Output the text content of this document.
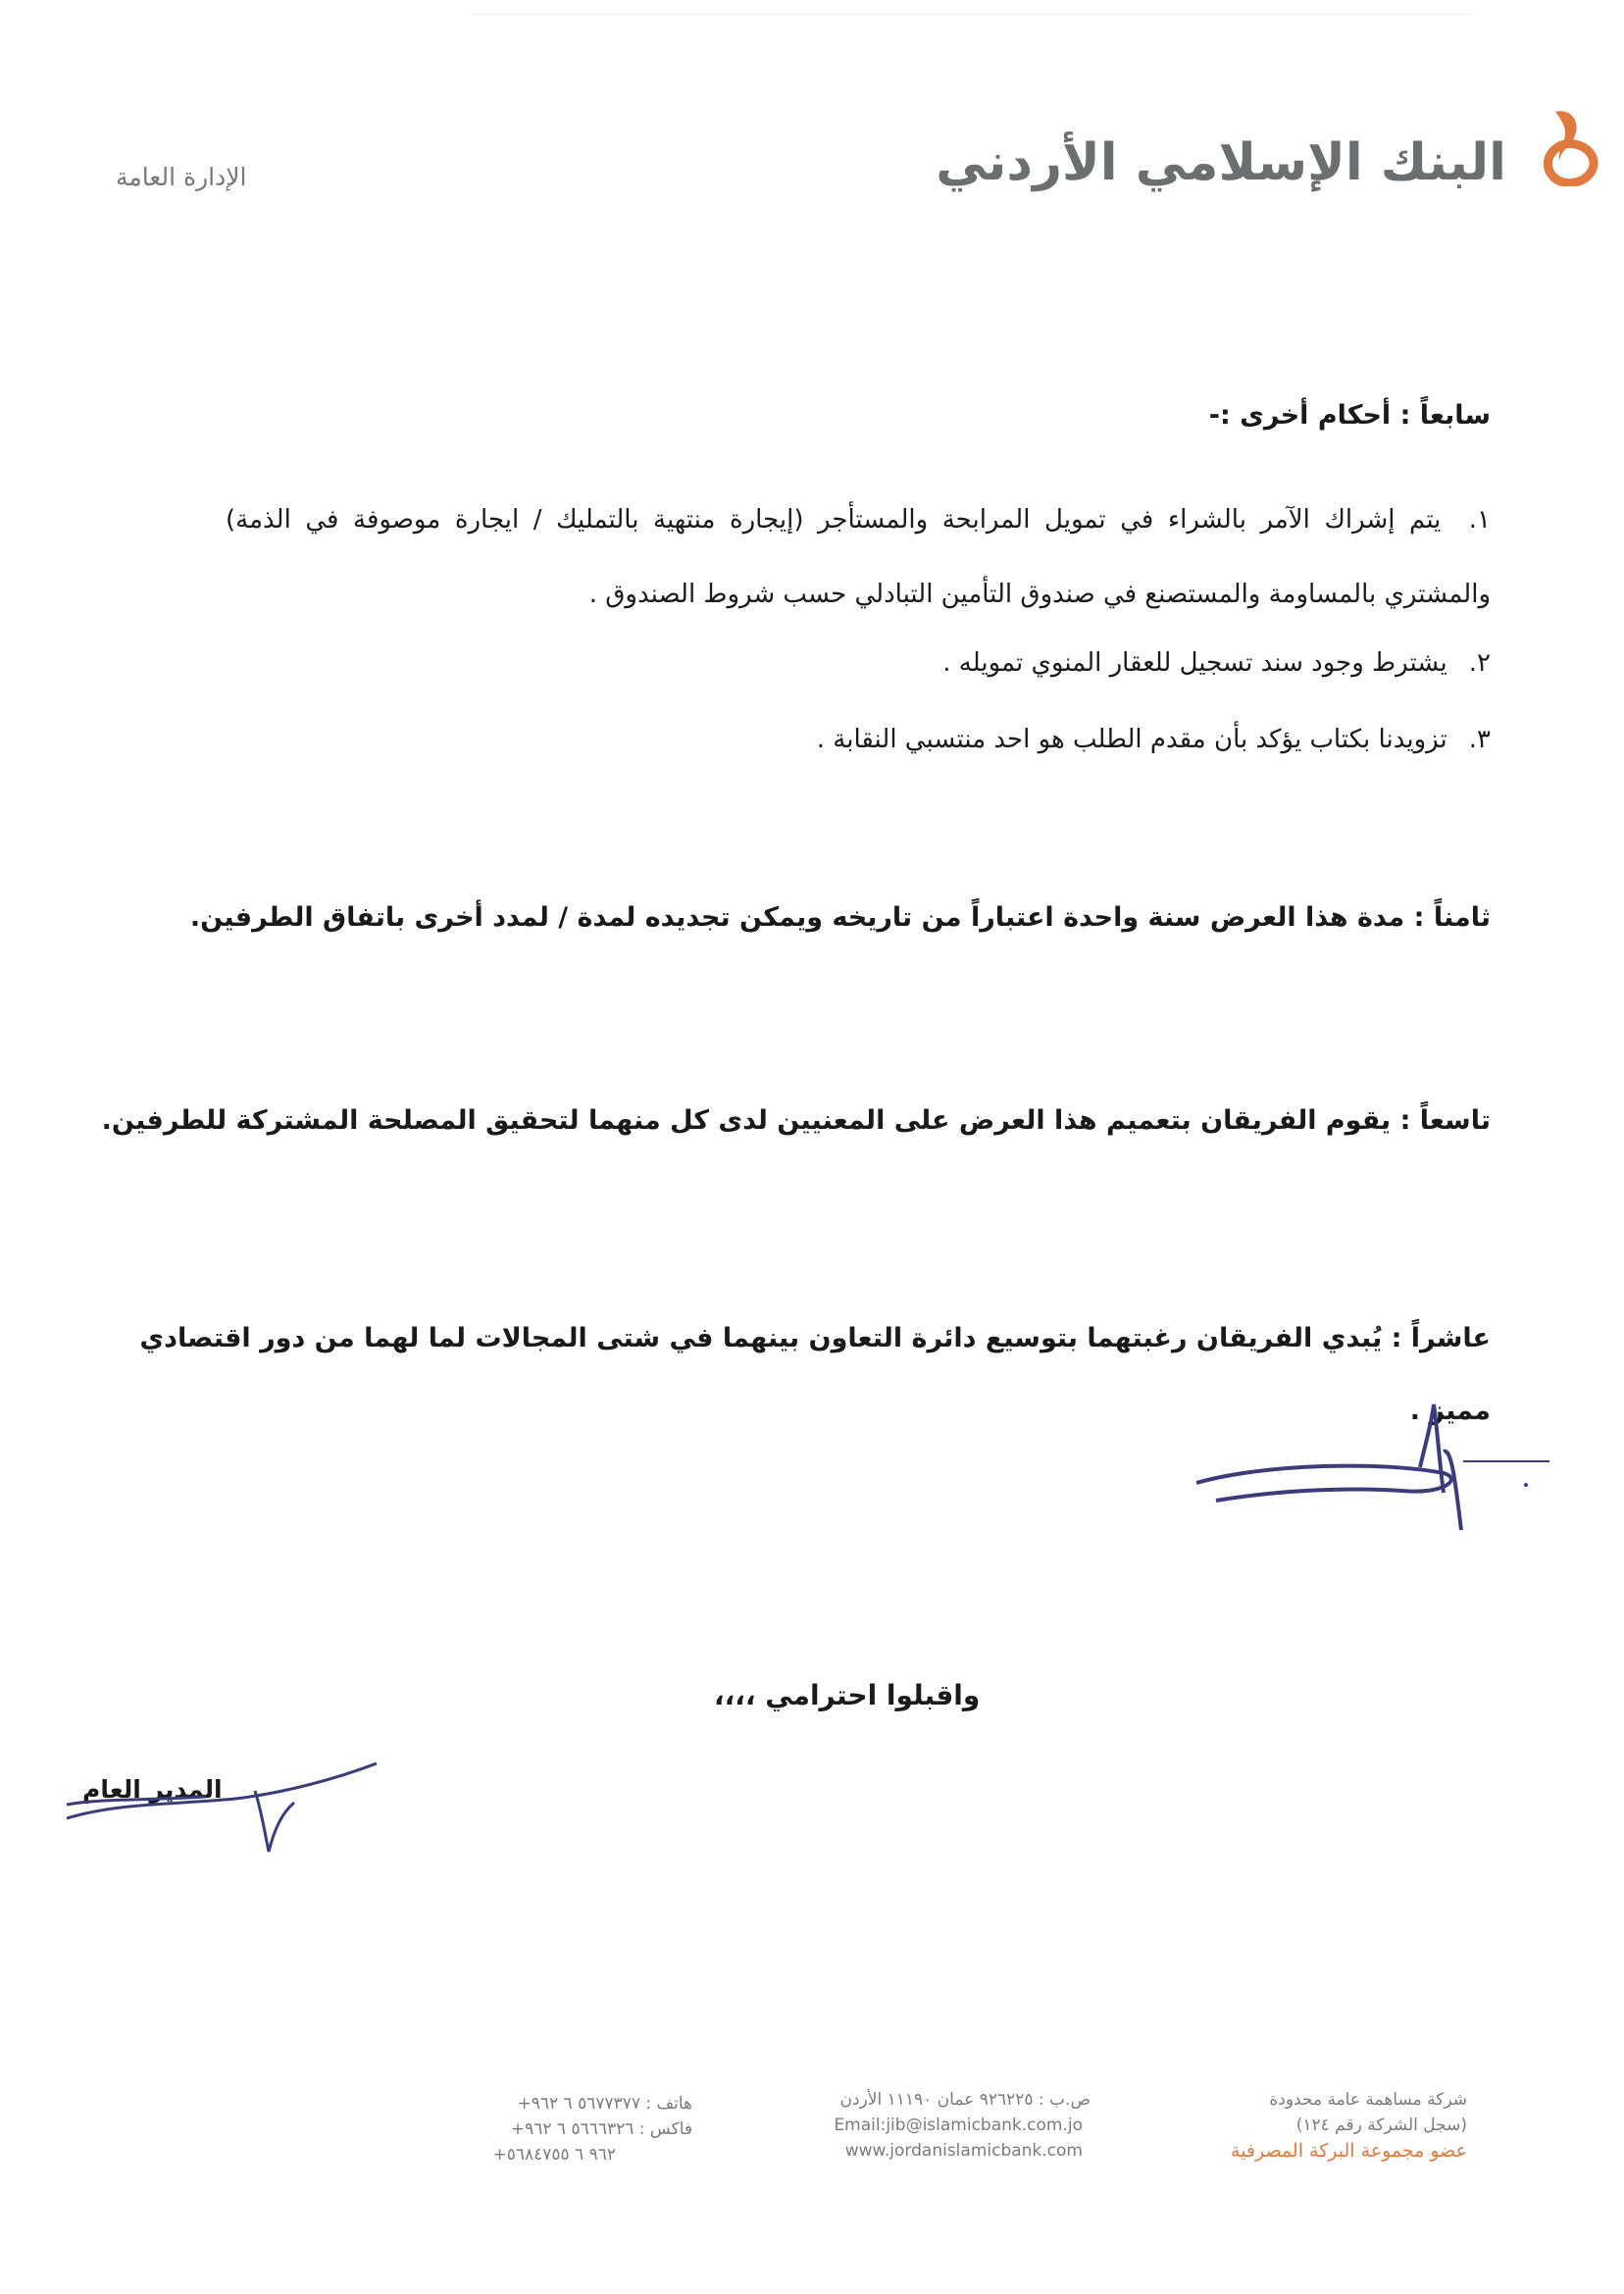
البنك الإسلامي الأردني
الإدارة العامة
سابعاً : أحكام أخرى :-
١. يتم إشراك الآمر بالشراء في تمويل المرابحة والمستأجر (إيجارة منتهية بالتمليك / ايجارة موصوفة في الذمة) والمشتري بالمساومة والمستصنع في صندوق التأمين التبادلي حسب شروط الصندوق .
٢. يشترط وجود سند تسجيل للعقار المنوي تمويله .
٣. تزويدنا بكتاب يؤكد بأن مقدم الطلب هو احد منتسبي النقابة .
ثامناً : مدة هذا العرض سنة واحدة اعتباراً من تاريخه ويمكن تجديده لمدة / لمدد أخرى باتفاق الطرفين.
تاسعاً : يقوم الفريقان بتعميم هذا العرض على المعنيين لدى كل منهما لتحقيق المصلحة المشتركة للطرفين.
عاشراً : يُبدي الفريقان رغبتهما بتوسيع دائرة التعاون بينهما في شتى المجالات لما لهما من دور اقتصادي
مميز .
واقبلوا احترامي ،،،،
المدير العام
شركة مساهمة عامة محدودة
(سجل الشركة رقم ١٢٤)
عضو مجموعة البركة المصرفية
ص.ب : ٩٢٦٢٢٥ عمان ١١١٩٠ الأردن
Email:jib@islamicbank.com.jo
www.jordanislamicbank.com
هاتف : ٥٦٧٧٣٧٧ ٦ ٩٦٢+
فاكس : ٥٦٦٦٣٢٦ ٦ ٩٦٢+
+٩٦٢ ٦ ٥٦٨٤٧٥٥
